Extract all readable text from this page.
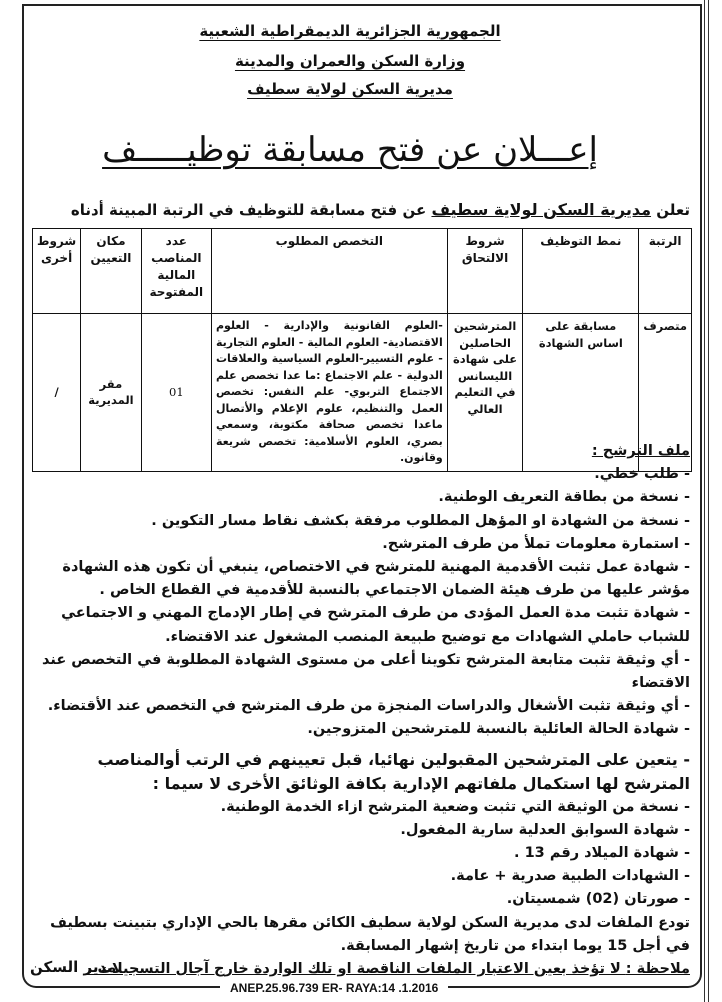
الجمهورية الجزائرية الديمقراطية الشعبية
وزارة السكن والعمران والمدينة
مديرية السكن لولاية سطيف
إعـــلان عن فتح مسابقة توظيـــــف
تعلن مديرية السكن لولاية سطيف عن فتح مسابقة للتوظيف في الرتبة المبينة أدناه
الرتبة	نمط التوظيف	شروط الالتحاق	التخصص المطلوب	عدد المناصب المالية المفتوحة	مكان التعيين	شروط أخرى
متصرف	مسابقة على اساس الشهادة	المترشحين الحاصلين على شهادة الليسانس في التعليم العالي	-العلوم القانونية والإدارية - العلوم الاقتصادية- العلوم المالية - العلوم التجارية - علوم التسيير-العلوم السياسية والعلاقات الدولية - علم الاجتماع :ما عدا تخصص علم الاجتماع التربوي- علم النفس: تخصص العمل والتنظيم، علوم الإعلام والأتصال ماعدا تخصص صحافة مكتوبة، وسمعي بصري، العلوم الأسلامية: تخصص شريعة وقانون.	01	مقر المديرية	/

ملف الترشح :

- طلب خطي.

- نسخة من بطاقة التعريف الوطنية.

- نسخة من الشهادة او المؤهل المطلوب مرفقة بكشف نقاط مسار التكوين .

- استمارة معلومات تملأ من طرف المترشح.

- شهادة عمل تثبت الأقدمية المهنية للمترشح في الاختصاص، ينبغي أن تكون هذه الشهادة مؤشر عليها من طرف هيئة الضمان الاجتماعي بالنسبة للأقدمية في القطاع الخاص .

- شهادة تثبت مدة العمل المؤدى من طرف المترشح في إطار الإدماج المهني و الاجتماعي للشباب حاملي الشهادات مع توضيح طبيعة المنصب المشغول عند الاقتضاء.

- أي وثيقة تثبت متابعة المترشح تكوينا أعلى من مستوى الشهادة المطلوبة في التخصص عند الاقتضاء

- أي وثيقة تثبت الأشغال والدراسات المنجزة من طرف المترشح في التخصص عند الأقتضاء.

- شهادة الحالة العائلية بالنسبة للمترشحين المتزوجين.

- يتعين على المترشحين المقبولين نهائيا، قبل تعيينهم في الرتب أوالمناصب المترشح لها استكمال ملفاتهم الإدارية بكافة الوثائق الأخرى لا سيما :

- نسخة من الوثيقة التي تثبت وضعية المترشح ازاء الخدمة الوطنية.

- شهادة السوابق العدلية سارية المفعول.

- شهادة الميلاد رقم 13 .

- الشهادات الطبية صدرية + عامة.

- صورتان (02) شمسيتان.

تودع الملفات لدى مديرية السكن لولاية سطيف الكائن مقرها بالحي الإداري بتبينت بسطيف في أجل 15 يوما ابتداء من تاريخ إشهار المسابقة.

ملاحظة : لا تؤخذ بعين الاعتبار الملفات الناقصة او تلك الواردة خارج آجال التسجيلات .

مدير السكن
ANEP.25.96.739 ER- RAYA:14 .1.2016
